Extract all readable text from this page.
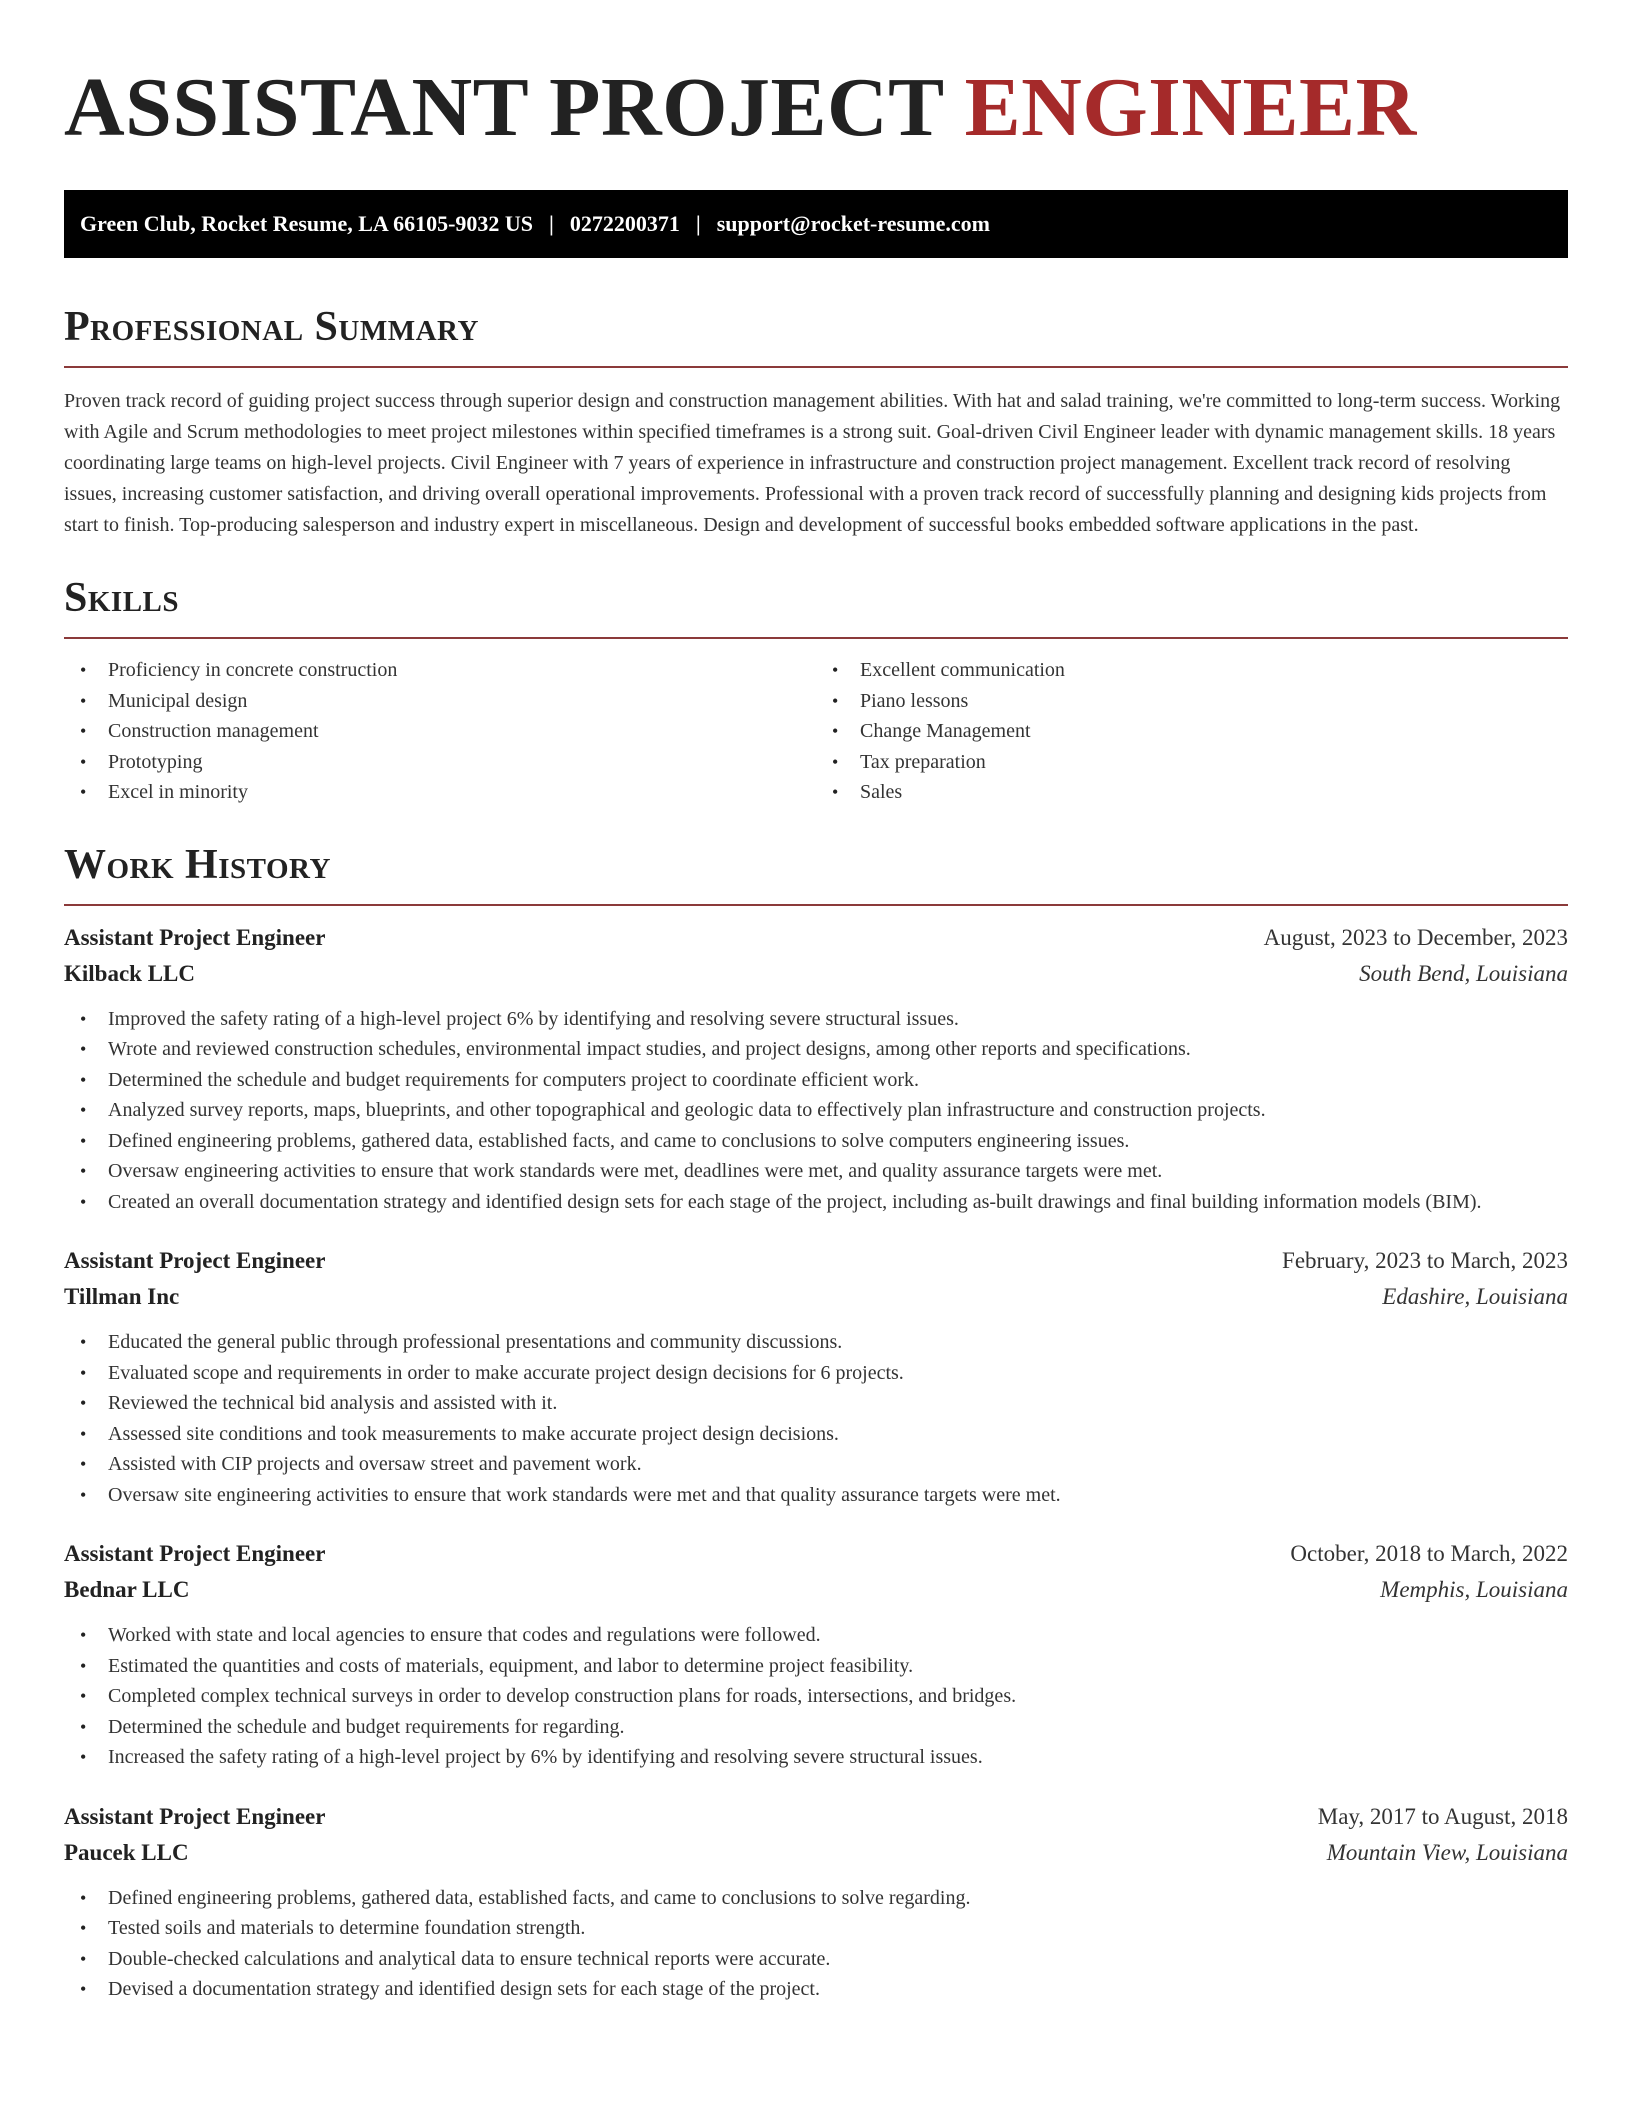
ASSISTANT PROJECT ENGINEER
Green Club, Rocket Resume, LA 66105-9032 US | 0272200371 | support@rocket-resume.com
Professional Summary

Proven track record of guiding project success through superior design and construction management abilities. With hat and salad training, we're committed to long-term success. Working with Agile and Scrum methodologies to meet project milestones within specified timeframes is a strong suit. Goal-driven Civil Engineer leader with dynamic management skills. 18 years coordinating large teams on high-level projects. Civil Engineer with 7 years of experience in infrastructure and construction project management. Excellent track record of resolving issues, increasing customer satisfaction, and driving overall operational improvements. Professional with a proven track record of successfully planning and designing kids projects from start to finish. Top-producing salesperson and industry expert in miscellaneous. Design and development of successful books embedded software applications in the past.

Skills
• Proficiency in concrete construction
• Municipal design
• Construction management
• Prototyping
• Excel in minority
• Excellent communication
• Piano lessons
• Change Management
• Tax preparation
• Sales
Work History
Assistant Project Engineer	August, 2023 to December, 2023
Kilback LLC	South Bend, Louisiana
• Improved the safety rating of a high-level project 6% by identifying and resolving severe structural issues.
• Wrote and reviewed construction schedules, environmental impact studies, and project designs, among other reports and specifications.
• Determined the schedule and budget requirements for computers project to coordinate efficient work.
• Analyzed survey reports, maps, blueprints, and other topographical and geologic data to effectively plan infrastructure and construction projects.
• Defined engineering problems, gathered data, established facts, and came to conclusions to solve computers engineering issues.
• Oversaw engineering activities to ensure that work standards were met, deadlines were met, and quality assurance targets were met.
• Created an overall documentation strategy and identified design sets for each stage of the project, including as-built drawings and final building information models (BIM).
Assistant Project Engineer	February, 2023 to March, 2023
Tillman Inc	Edashire, Louisiana
• Educated the general public through professional presentations and community discussions.
• Evaluated scope and requirements in order to make accurate project design decisions for 6 projects.
• Reviewed the technical bid analysis and assisted with it.
• Assessed site conditions and took measurements to make accurate project design decisions.
• Assisted with CIP projects and oversaw street and pavement work.
• Oversaw site engineering activities to ensure that work standards were met and that quality assurance targets were met.
Assistant Project Engineer	October, 2018 to March, 2022
Bednar LLC	Memphis, Louisiana
• Worked with state and local agencies to ensure that codes and regulations were followed.
• Estimated the quantities and costs of materials, equipment, and labor to determine project feasibility.
• Completed complex technical surveys in order to develop construction plans for roads, intersections, and bridges.
• Determined the schedule and budget requirements for regarding.
• Increased the safety rating of a high-level project by 6% by identifying and resolving severe structural issues.
Assistant Project Engineer	May, 2017 to August, 2018
Paucek LLC	Mountain View, Louisiana
• Defined engineering problems, gathered data, established facts, and came to conclusions to solve regarding.
• Tested soils and materials to determine foundation strength.
• Double-checked calculations and analytical data to ensure technical reports were accurate.
• Devised a documentation strategy and identified design sets for each stage of the project.
